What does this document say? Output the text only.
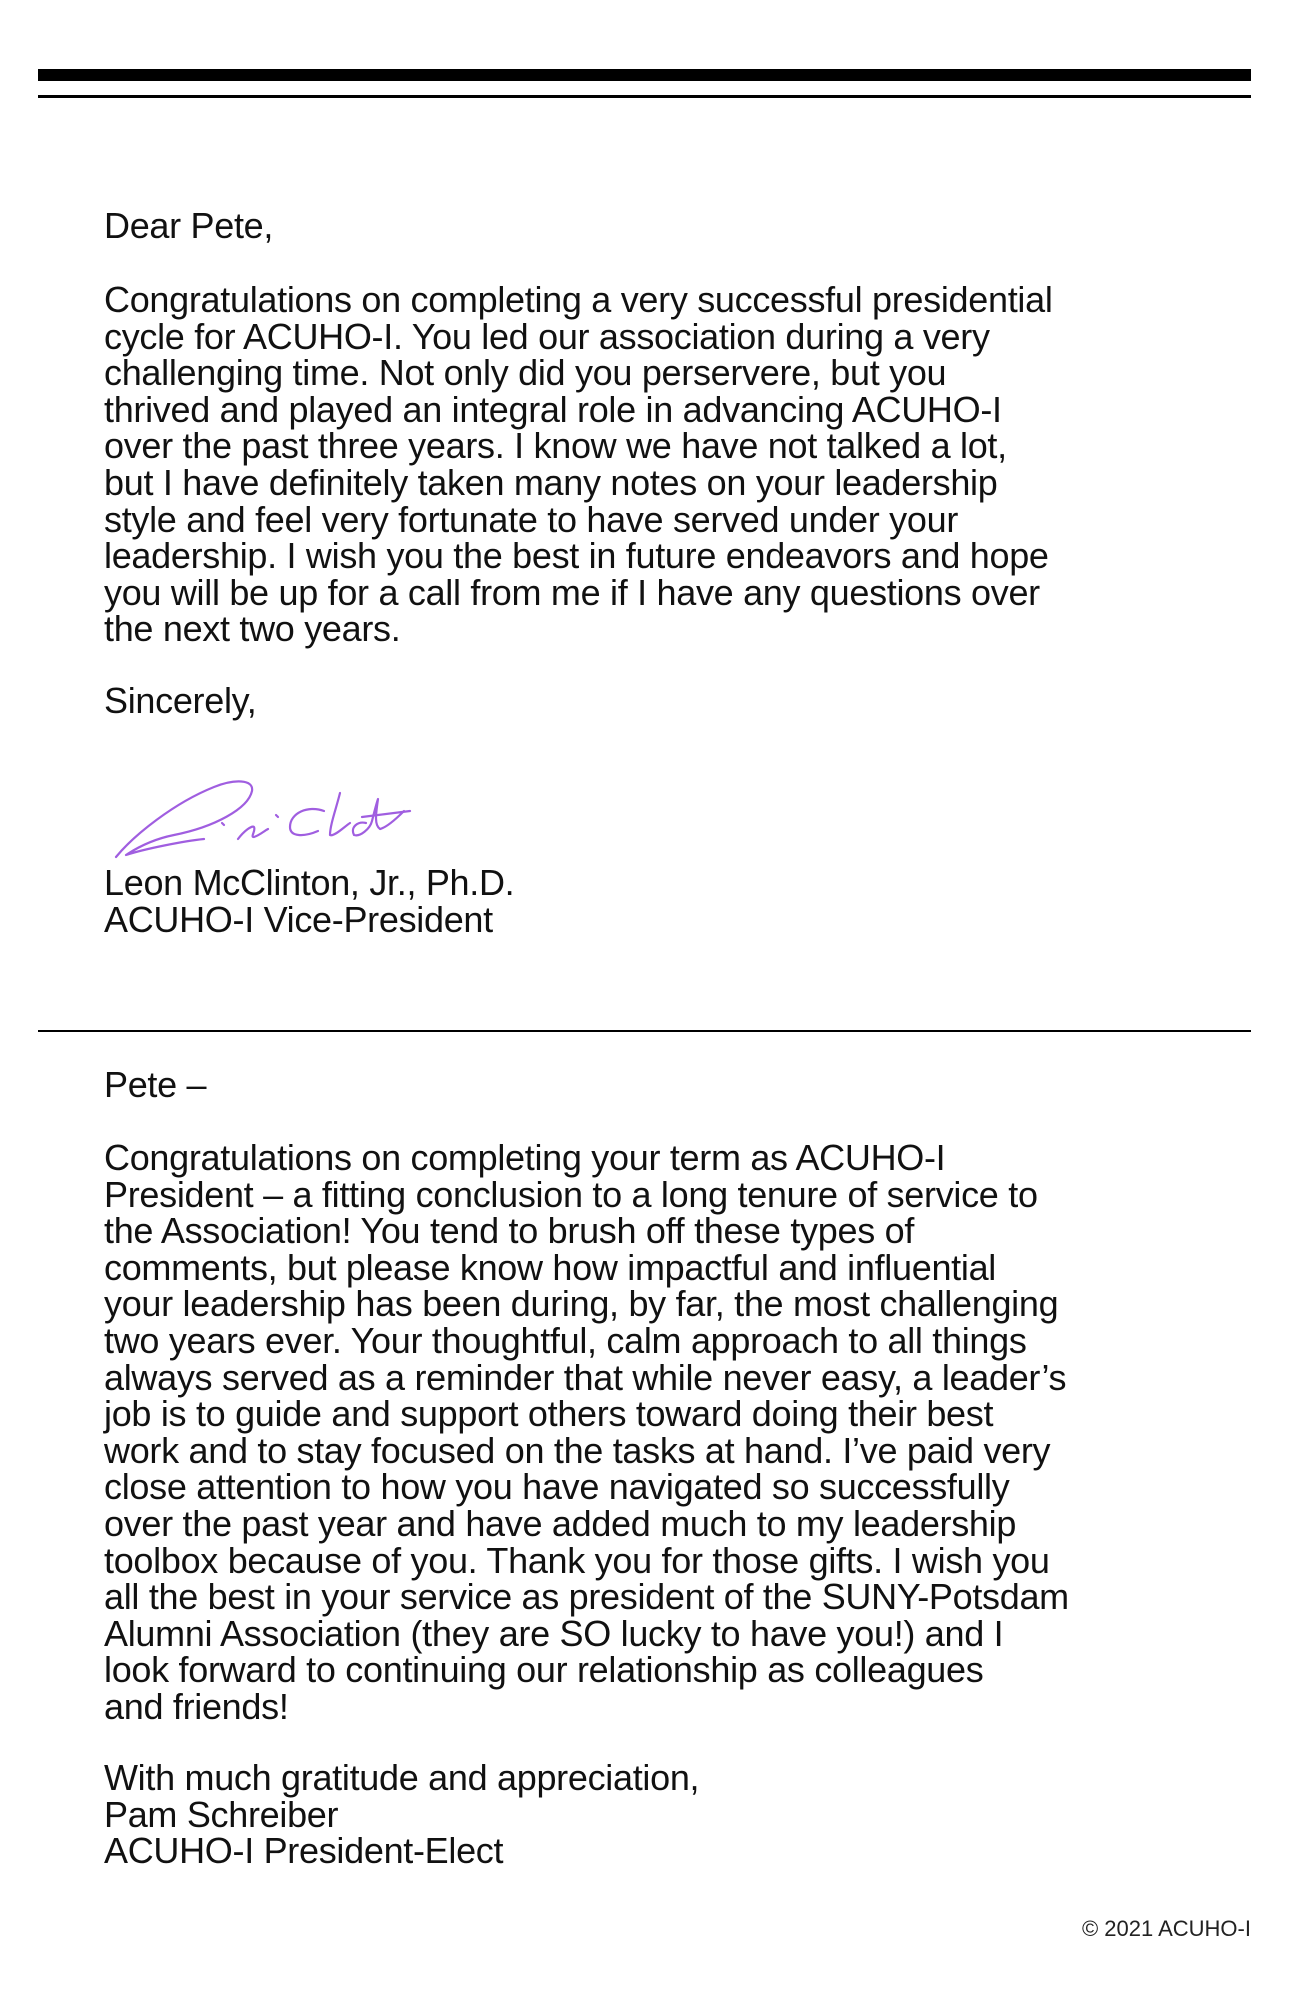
Dear Pete,

Congratulations on completing a very successful presidential
cycle for ACUHO-I. You led our association during a very
challenging time. Not only did you perservere, but you
thrived and played an integral role in advancing ACUHO-I
over the past three years. I know we have not talked a lot,
but I have definitely taken many notes on your leadership
style and feel very fortunate to have served under your
leadership. I wish you the best in future endeavors and hope
you will be up for a call from me if I have any questions over
the next two years.

Sincerely,

Leon McClinton, Jr., Ph.D.
ACUHO-I Vice-President

Pete –

Congratulations on completing your term as ACUHO-I
President – a fitting conclusion to a long tenure of service to
the Association! You tend to brush off these types of
comments, but please know how impactful and influential
your leadership has been during, by far, the most challenging
two years ever. Your thoughtful, calm approach to all things
always served as a reminder that while never easy, a leader’s
job is to guide and support others toward doing their best
work and to stay focused on the tasks at hand. I’ve paid very
close attention to how you have navigated so successfully
over the past year and have added much to my leadership
toolbox because of you. Thank you for those gifts. I wish you
all the best in your service as president of the SUNY-Potsdam
Alumni Association (they are SO lucky to have you!) and I
look forward to continuing our relationship as colleagues
and friends!
With much gratitude and appreciation,
Pam Schreiber
ACUHO-I President-Elect
© 2021 ACUHO-I
